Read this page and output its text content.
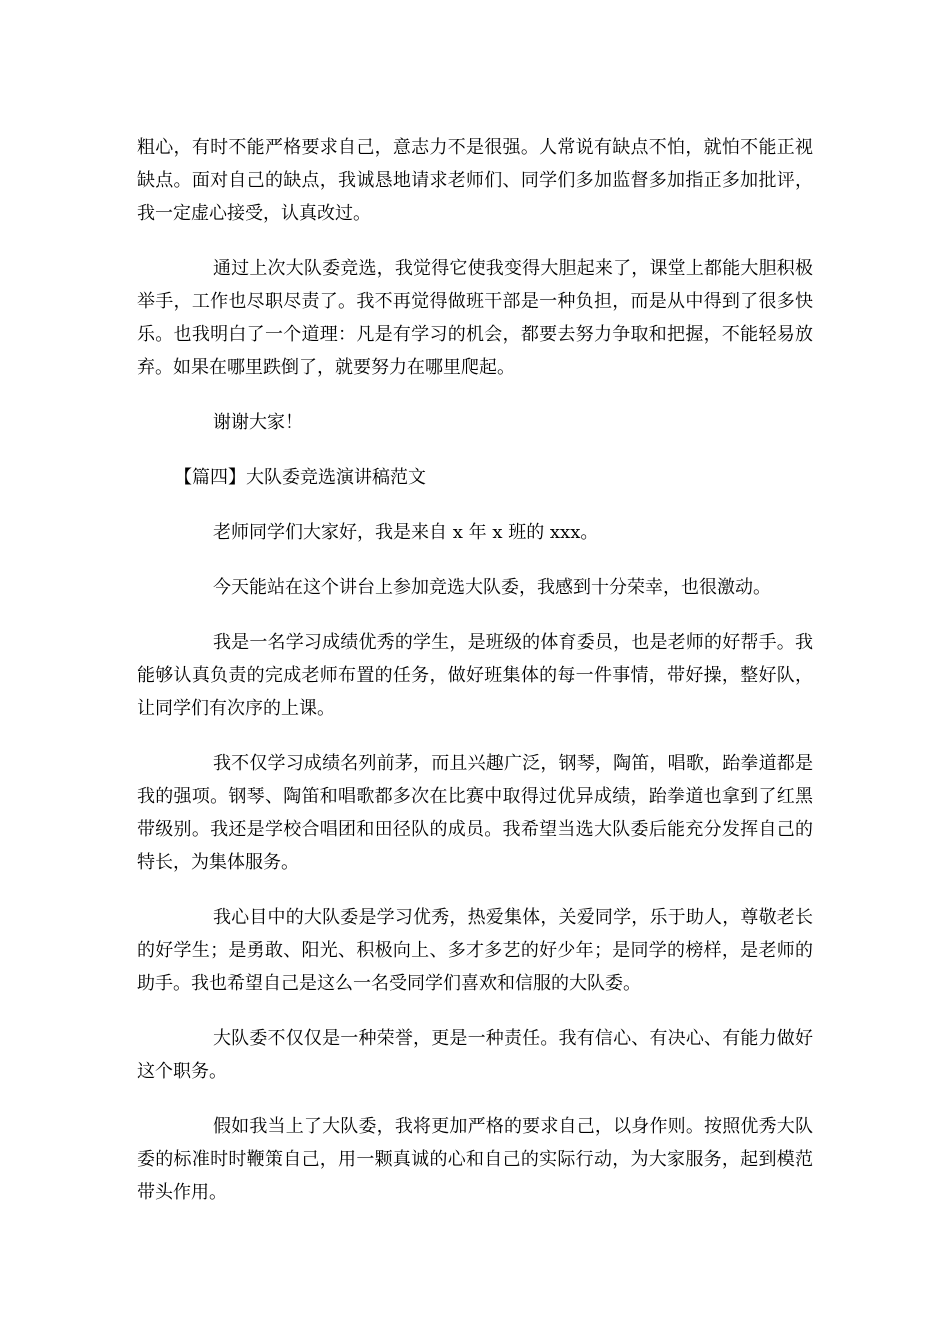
粗心，有时不能严格要求自己，意志力不是很强。人常说有缺点不怕，就怕不能正视缺点。面对自己的缺点，我诚恳地请求老师们、同学们多加监督多加指正多加批评，我一定虚心接受，认真改过。

通过上次大队委竞选，我觉得它使我变得大胆起来了，课堂上都能大胆积极举手，工作也尽职尽责了。我不再觉得做班干部是一种负担，而是从中得到了很多快乐。也我明白了一个道理：凡是有学习的机会，都要去努力争取和把握，不能轻易放弃。如果在哪里跌倒了，就要努力在哪里爬起。

谢谢大家！

【篇四】大队委竞选演讲稿范文

老师同学们大家好，我是来自 x 年 x 班的 xxx。

今天能站在这个讲台上参加竞选大队委，我感到十分荣幸，也很激动。

我是一名学习成绩优秀的学生，是班级的体育委员，也是老师的好帮手。我能够认真负责的完成老师布置的任务，做好班集体的每一件事情，带好操，整好队，让同学们有次序的上课。

我不仅学习成绩名列前茅，而且兴趣广泛，钢琴，陶笛，唱歌，跆拳道都是我的强项。钢琴、陶笛和唱歌都多次在比赛中取得过优异成绩，跆拳道也拿到了红黑带级别。我还是学校合唱团和田径队的成员。我希望当选大队委后能充分发挥自己的特长，为集体服务。

我心目中的大队委是学习优秀，热爱集体，关爱同学，乐于助人，尊敬老长的好学生；是勇敢、阳光、积极向上、多才多艺的好少年；是同学的榜样，是老师的助手。我也希望自己是这么一名受同学们喜欢和信服的大队委。

大队委不仅仅是一种荣誉，更是一种责任。我有信心、有决心、有能力做好这个职务。

假如我当上了大队委，我将更加严格的要求自己，以身作则。按照优秀大队委的标准时时鞭策自己，用一颗真诚的心和自己的实际行动，为大家服务，起到模范带头作用。
